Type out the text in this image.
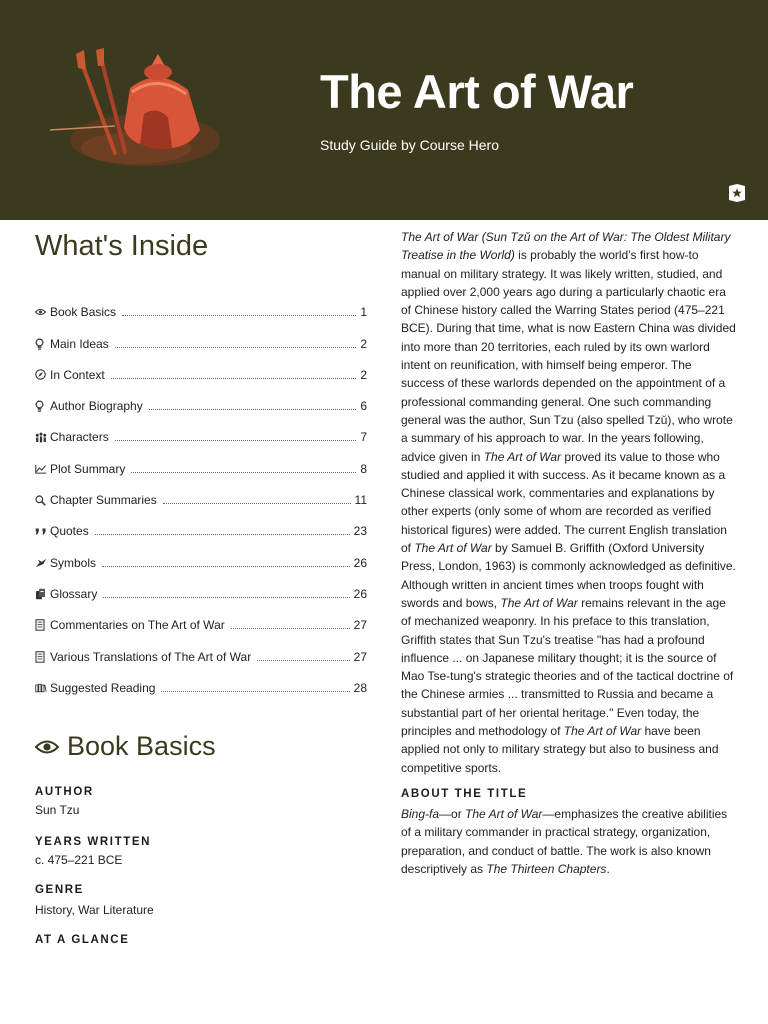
The Art of War
Study Guide by Course Hero
What's Inside
Book Basics	1
Main Ideas	2
In Context	2
Author Biography	6
Characters	7
Plot Summary	8
Chapter Summaries	11
Quotes	23
Symbols	26
Glossary	26
Commentaries on The Art of War	27
Various Translations of The Art of War	27
Suggested Reading	28
Book Basics
AUTHOR
Sun Tzu
YEARS WRITTEN
c. 475–221 BCE
GENRE
History, War Literature
AT A GLANCE

The Art of War (Sun Tzǔ on the Art of War: The Oldest Military Treatise in the World) is probably the world's first how-to manual on military strategy. It was likely written, studied, and applied over 2,000 years ago during a particularly chaotic era of Chinese history called the Warring States period (475–221 BCE). During that time, what is now Eastern China was divided into more than 20 territories, each ruled by its own warlord intent on reunification, with himself being emperor. The success of these warlords depended on the appointment of a professional commanding general. One such commanding general was the author, Sun Tzu (also spelled Tzǔ), who wrote a summary of his approach to war. In the years following, advice given in The Art of War proved its value to those who studied and applied it with success. As it became known as a Chinese classical work, commentaries and explanations by other experts (only some of whom are recorded as verified historical figures) were added. The current English translation of The Art of War by Samuel B. Griffith (Oxford University Press, London, 1963) is commonly acknowledged as definitive. Although written in ancient times when troops fought with swords and bows, The Art of War remains relevant in the age of mechanized weaponry. In his preface to this translation, Griffith states that Sun Tzu's treatise "has had a profound influence ... on Japanese military thought; it is the source of Mao Tse-tung's strategic theories and of the tactical doctrine of the Chinese armies ... transmitted to Russia and became a substantial part of her oriental heritage." Even today, the principles and methodology of The Art of War have been applied not only to military strategy but also to business and competitive sports.

ABOUT THE TITLE
Bing-fa—or The Art of War—emphasizes the creative abilities of a military commander in practical strategy, organization, preparation, and conduct of battle. The work is also known descriptively as The Thirteen Chapters.
